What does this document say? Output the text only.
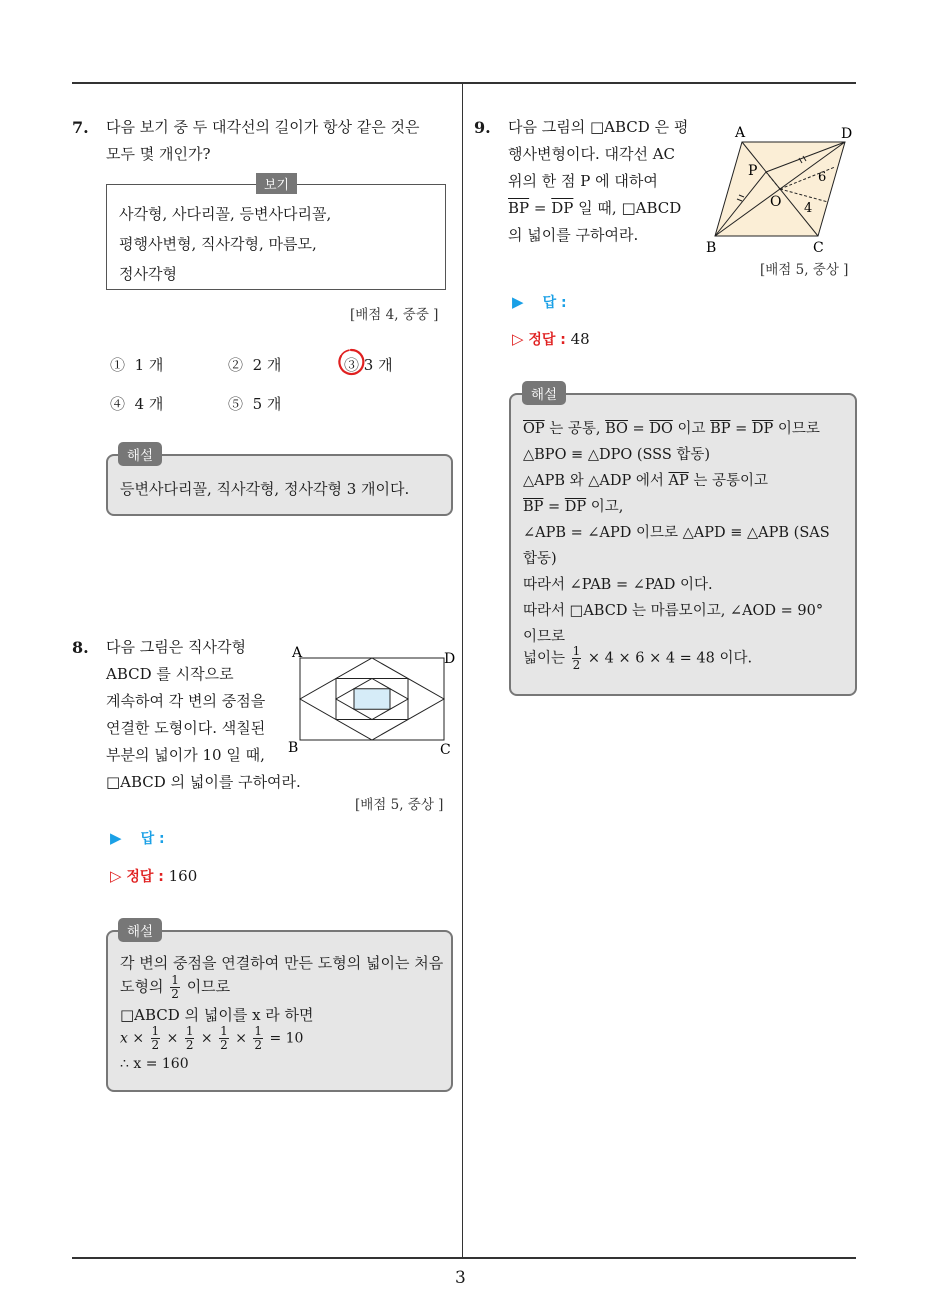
3
7. 다음 보기 중 두 대각선의 길이가 항상 같은 것은
모두 몇 개인가?
사각형, 사다리꼴, 등변사다리꼴,
평행사변형, 직사각형, 마름모,
정사각형
보기
[배점 4, 중중 ]
① 1 개	② 2 개	③ 3 개
④ 4 개	⑤ 5 개
등변사다리꼴, 직사각형, 정사각형 3 개이다.
해설
8. 다음 그림은 직사각형
ABCD 를 시작으로
계속하여 각 변의 중점을
연결한 도형이다. 색칠된
부분의 넓이가 10 일 때,
□ABCD 의 넓이를 구하여라.
A	D
B	C
[배점 5, 중상 ]
▶ 답 :
▷ 정답 : 160
각 변의 중점을 연결하여 만든 도형의 넓이는 처음
도형의 $\frac{1}{2}$ 이므로
□ABCD 의 넓이를 x 라 하면
$x \times \frac{1}{2} \times \frac{1}{2} \times \frac{1}{2} \times \frac{1}{2} = 10$
∴ x = 160
해설
9. 다음 그림의 □ABCD 은 평
행사변형이다. 대각선 AC
위의 한 점 P 에 대하여
$\overline{BP} = \overline{DP}$ 일 때, □ABCD
의 넓이를 구하여라.
A	D
B	C
P
O
6
4
[배점 5, 중상 ]
▶ 답 :
▷ 정답 : 48
$\overline{OP}$ 는 공통, $\overline{BO} = \overline{DO}$ 이고 $\overline{BP} = \overline{DP}$ 이므로
△BPO ≡ △DPO (SSS 합동)
△APB 와 △ADP 에서 $\overline{AP}$ 는 공통이고
$\overline{BP} = \overline{DP}$ 이고,
∠APB = ∠APD 이므로 △APD ≡ △APB (SAS
합동)
따라서 ∠PAB = ∠PAD 이다.
따라서 □ABCD 는 마름모이고, ∠AOD = 90°
이므로
넓이는 $\frac{1}{2} \times 4 \times 6 \times 4 = 48$ 이다.
해설
